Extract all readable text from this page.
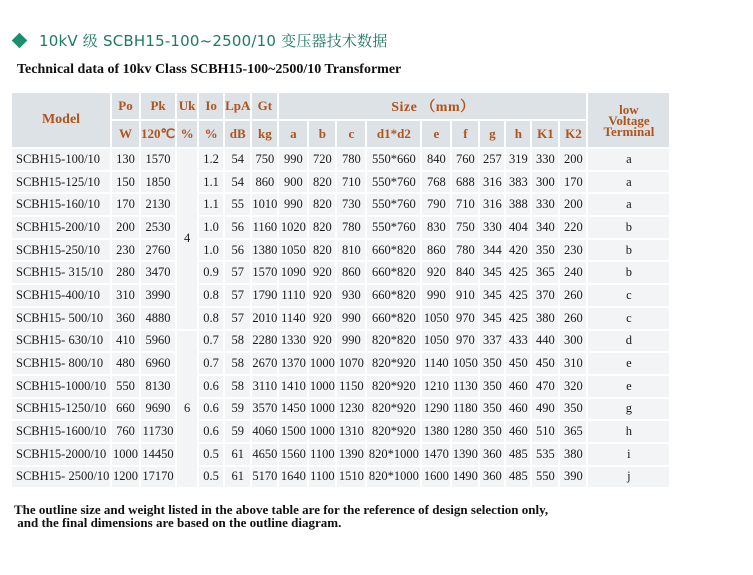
10kV 级 SCBH15-100~2500/10 变压器技术数据
Technical data of 10kv Class SCBH15-100~2500/10 Transformer
Model	Po	Pk	Uk	Io	LpA	Gt	Size （mm）										low
Voltage
Terminal

	W	120℃	%	%	dB	kg	a	b	c	d1*d2	e	f	g	h	K1	K2	
SCBH15-100/10	130	1570	4	1.2	54	750	990	720	780	550*660	840	760	257	319	330	200	a
SCBH15-125/10	150	1850		1.1	54	860	900	820	710	550*760	768	688	316	383	300	170	a
SCBH15-160/10	170	2130		1.1	55	1010	990	820	730	550*760	790	710	316	388	330	200	a
SCBH15-200/10	200	2530		1.0	56	1160	1020	820	780	550*760	830	750	330	404	340	220	b
SCBH15-250/10	230	2760		1.0	56	1380	1050	820	810	660*820	860	780	344	420	350	230	b
SCBH15- 315/10	280	3470		0.9	57	1570	1090	920	860	660*820	920	840	345	425	365	240	b
SCBH15-400/10	310	3990		0.8	57	1790	1110	920	930	660*820	990	910	345	425	370	260	c
SCBH15- 500/10	360	4880		0.8	57	2010	1140	920	990	660*820	1050	970	345	425	380	260	c
SCBH15- 630/10	410	5960	6	0.7	58	2280	1330	920	990	820*820	1050	970	337	433	440	300	d
SCBH15- 800/10	480	6960		0.7	58	2670	1370	1000	1070	820*920	1140	1050	350	450	450	310	e
SCBH15-1000/10	550	8130		0.6	58	3110	1410	1000	1150	820*920	1210	1130	350	460	470	320	e
SCBH15-1250/10	660	9690		0.6	59	3570	1450	1000	1230	820*920	1290	1180	350	460	490	350	g
SCBH15-1600/10	760	11730		0.6	59	4060	1500	1000	1310	820*920	1380	1280	350	460	510	365	h
SCBH15-2000/10	1000	14450		0.5	61	4650	1560	1100	1390	820*1000	1470	1390	360	485	535	380	i
SCBH15- 2500/10	1200	17170		0.5	61	5170	1640	1100	1510	820*1000	1600	1490	360	485	550	390	j
The outline size and weight listed in the above table are for the reference of design selection only,
and the final dimensions are based on the outline diagram.
